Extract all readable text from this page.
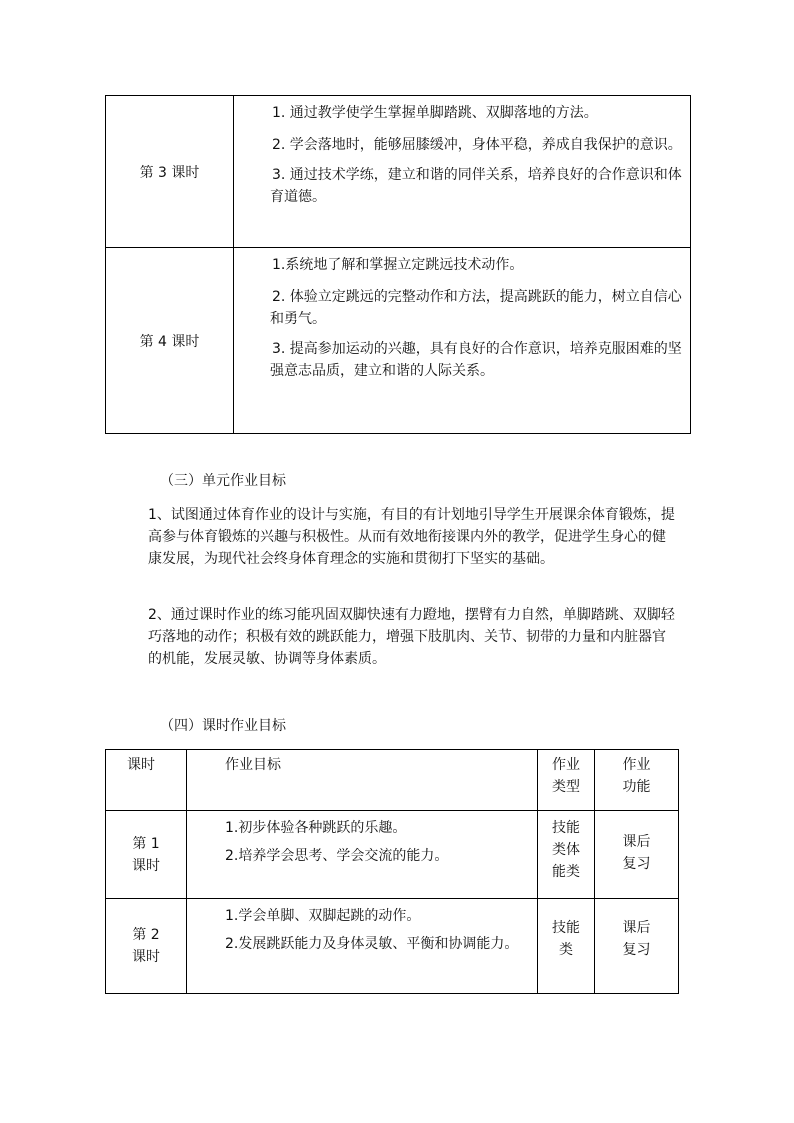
第 3 课时	1. 通过教学使学生掌握单脚踏跳、双脚落地的方法。

2. 学会落地时，能够屈膝缓冲，身体平稳，养成自我保护的意识。

3. 通过技术学练，建立和谐的同伴关系，培养良好的合作意识和体育道德。

第 4 课时	1.系统地了解和掌握立定跳远技术动作。

2. 体验立定跳远的完整动作和方法，提高跳跃的能力，树立自信心和勇气。

3. 提高参加运动的兴趣，具有良好的合作意识，培养克服困难的坚强意志品质，建立和谐的人际关系。

（三）单元作业目标
1、试图通过体育作业的设计与实施，有目的有计划地引导学生开展课余体育锻炼，提高参与体育锻炼的兴趣与积极性。从而有效地衔接课内外的教学，促进学生身心的健康发展，为现代社会终身体育理念的实施和贯彻打下坚实的基础。
2、通过课时作业的练习能巩固双脚快速有力蹬地，摆臂有力自然，单脚踏跳、双脚轻巧落地的动作；积极有效的跳跃能力，增强下肢肌肉、关节、韧带的力量和内脏器官的机能，发展灵敏、协调等身体素质。
（四）课时作业目标
课时	作业目标	作业类型	作业功能
第 1 课时	1.初步体验各种跳跃的乐趣。

2.培养学会思考、学会交流的能力。	技能类体能类	课后复习
第 2 课时	1.学会单脚、双脚起跳的动作。

2.发展跳跃能力及身体灵敏、平衡和协调能力。	技能类	课后复习
